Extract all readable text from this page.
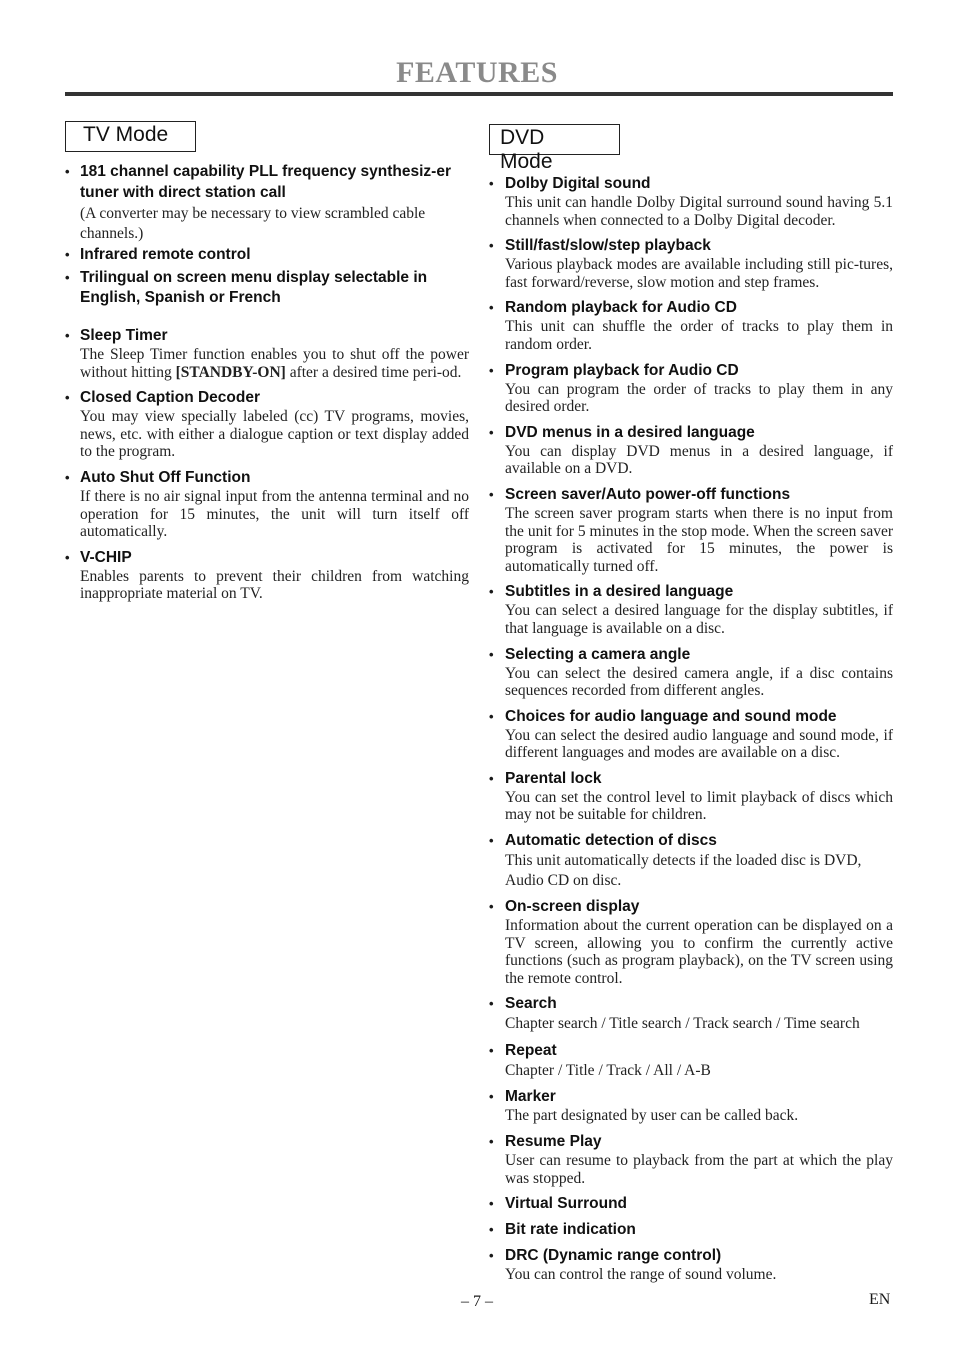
FEATURES
TV Mode
• 181 channel capability PLL frequency synthesiz-er tuner with direct station call
(A converter may be necessary to view scrambled cable channels.)
• Infrared remote control
• Trilingual on screen menu display selectable in English, Spanish or French
• Sleep Timer
The Sleep Timer function enables you to shut off the power without hitting [STANDBY-ON] after a desired time peri-od.
• Closed Caption Decoder
You may view specially labeled (cc) TV programs, movies, news, etc. with either a dialogue caption or text display added to the program.
• Auto Shut Off Function
If there is no air signal input from the antenna terminal and no operation for 15 minutes, the unit will turn itself off automatically.
• V-CHIP
Enables parents to prevent their children from watching inappropriate material on TV.
DVD Mode
• Dolby Digital sound
This unit can handle Dolby Digital surround sound having 5.1 channels when connected to a Dolby Digital decoder.
• Still/fast/slow/step playback
Various playback modes are available including still pic-tures, fast forward/reverse, slow motion and step frames.
• Random playback for Audio CD
This unit can shuffle the order of tracks to play them in random order.
• Program playback for Audio CD
You can program the order of tracks to play them in any desired order.
• DVD menus in a desired language
You can display DVD menus in a desired language, if available on a DVD.
• Screen saver/Auto power-off functions
The screen saver program starts when there is no input from the unit for 5 minutes in the stop mode. When the screen saver program is activated for 15 minutes, the power is automatically turned off.
• Subtitles in a desired language
You can select a desired language for the display subtitles, if that language is available on a disc.
• Selecting a camera angle
You can select the desired camera angle, if a disc contains sequences recorded from different angles.
• Choices for audio language and sound mode
You can select the desired audio language and sound mode, if different languages and modes are available on a disc.
• Parental lock
You can set the control level to limit playback of discs which may not be suitable for children.
• Automatic detection of discs
This unit automatically detects if the loaded disc is DVD, Audio CD on disc.
• On-screen display
Information about the current operation can be displayed on a TV screen, allowing you to confirm the currently active functions (such as program playback), on the TV screen using the remote control.
• Search
Chapter search / Title search / Track search / Time search
• Repeat
Chapter / Title / Track / All / A-B
• Marker
The part designated by user can be called back.
• Resume Play
User can resume to playback from the part at which the play was stopped.
• Virtual Surround
• Bit rate indication
• DRC (Dynamic range control)
You can control the range of sound volume.
– 7 –	EN
